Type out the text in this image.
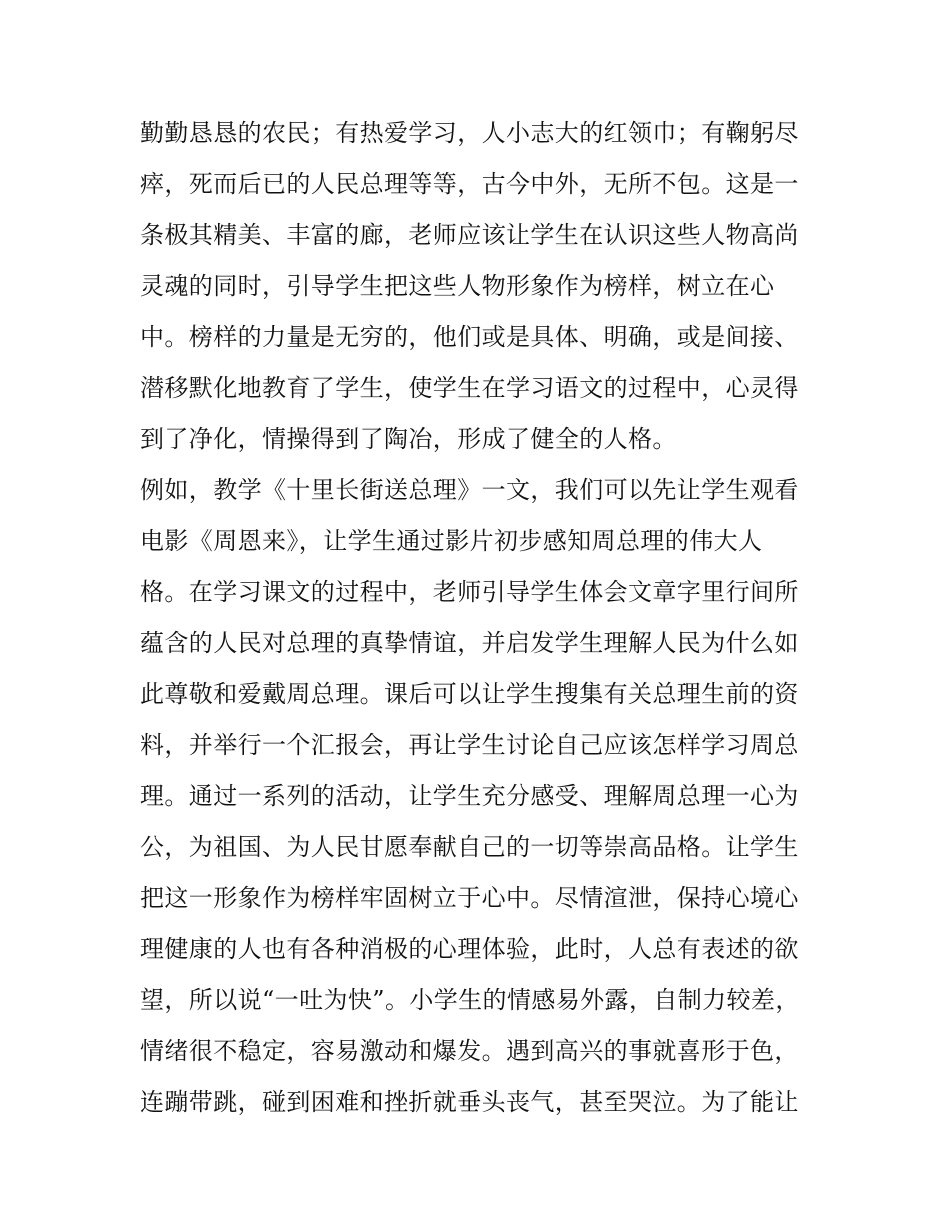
勤勤恳恳的农民；有热爱学习，人小志大的红领巾；有鞠躬尽
瘁，死而后已的人民总理等等，古今中外，无所不包。这是一
条极其精美、丰富的廊，老师应该让学生在认识这些人物高尚
灵魂的同时，引导学生把这些人物形象作为榜样，树立在心
中。榜样的力量是无穷的，他们或是具体、明确，或是间接、
潜移默化地教育了学生，使学生在学习语文的过程中，心灵得
到了净化，情操得到了陶冶，形成了健全的人格。
例如，教学《十里长街送总理》一文，我们可以先让学生观看
电影《周恩来》，让学生通过影片初步感知周总理的伟大人
格。在学习课文的过程中，老师引导学生体会文章字里行间所
蕴含的人民对总理的真挚情谊，并启发学生理解人民为什么如
此尊敬和爱戴周总理。课后可以让学生搜集有关总理生前的资
料，并举行一个汇报会，再让学生讨论自己应该怎样学习周总
理。通过一系列的活动，让学生充分感受、理解周总理一心为
公，为祖国、为人民甘愿奉献自己的一切等崇高品格。让学生
把这一形象作为榜样牢固树立于心中。尽情渲泄，保持心境心
理健康的人也有各种消极的心理体验，此时，人总有表述的欲
望，所以说“一吐为快”。小学生的情感易外露，自制力较差，
情绪很不稳定，容易激动和爆发。遇到高兴的事就喜形于色，
连蹦带跳，碰到困难和挫折就垂头丧气，甚至哭泣。为了能让
